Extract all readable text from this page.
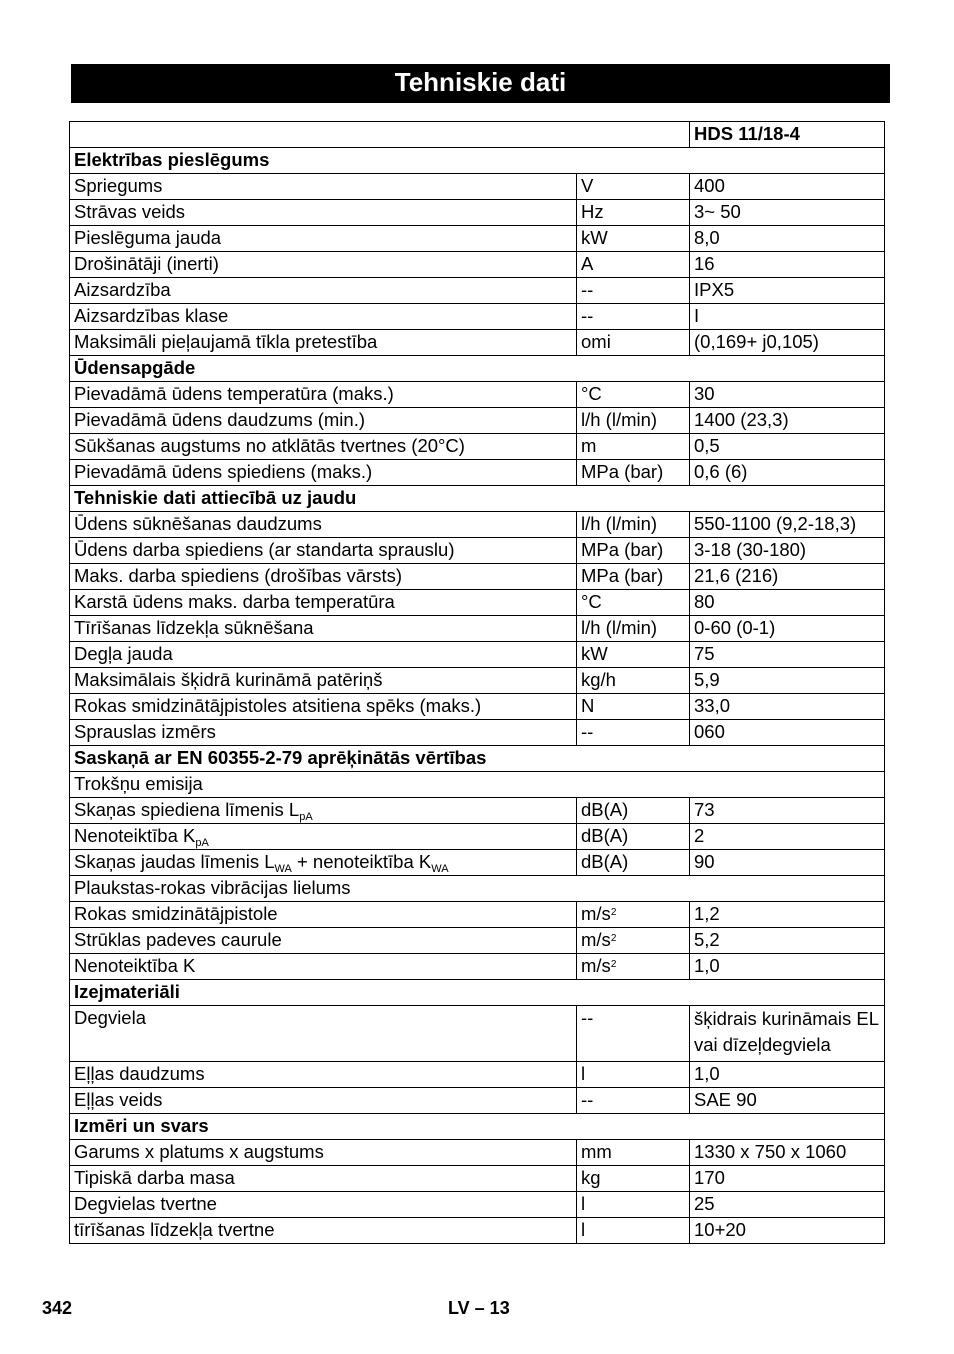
Tehniskie dati
		HDS 11/18-4
Elektrības pieslēgums		
Spriegums	V	400
Strāvas veids	Hz	3~ 50
Pieslēguma jauda	kW	8,0
Drošinātāji (inerti)	A	16
Aizsardzība	--	IPX5
Aizsardzības klase	--	I
Maksimāli pieļaujamā tīkla pretestība	omi	(0,169+ j0,105)
Ūdensapgāde		
Pievadāmā ūdens temperatūra (maks.)	°C	30
Pievadāmā ūdens daudzums (min.)	l/h (l/min)	1400 (23,3)
Sūkšanas augstums no atklātās tvertnes (20°C)	m	0,5
Pievadāmā ūdens spiediens (maks.)	MPa (bar)	0,6 (6)
Tehniskie dati attiecībā uz jaudu		
Ūdens sūknēšanas daudzums	l/h (l/min)	550-1100 (9,2-18,3)
Ūdens darba spiediens (ar standarta sprauslu)	MPa (bar)	3-18 (30-180)
Maks. darba spiediens (drošības vārsts)	MPa (bar)	21,6 (216)
Karstā ūdens maks. darba temperatūra	°C	80
Tīrīšanas līdzekļa sūknēšana	l/h (l/min)	0-60 (0-1)
Degļa jauda	kW	75
Maksimālais šķidrā kurināmā patēriņš	kg/h	5,9
Rokas smidzinātājpistoles atsitiena spēks (maks.)	N	33,0
Sprauslas izmērs	--	060
Saskaņā ar EN 60355-2-79 aprēķinātās vērtības		
Trokšņu emisija		
Skaņas spiediena līmenis $L_{pA}$	dB(A)	73
Nenoteiktība $K_{pA}$	dB(A)	2
Skaņas jaudas līmenis $L_{WA}$ + nenoteiktība $K_{WA}$	dB(A)	90
Plaukstas-rokas vibrācijas lielums		
Rokas smidzinātājpistole	$m/s^2$	1,2
Strūklas padeves caurule	$m/s^2$	5,2
Nenoteiktība K	$m/s^2$	1,0
Izejmateriāli		
Degviela	--	šķidrais kurināmais EL vai dīzeļdegviela
Eļļas daudzums	l	1,0
Eļļas veids	--	SAE 90
Izmēri un svars		
Garums x platums x augstums	mm	1330 x 750 x 1060
Tipiskā darba masa	kg	170
Degvielas tvertne	l	25
tīrīšanas līdzekļa tvertne	l	10+20
342	LV – 13
